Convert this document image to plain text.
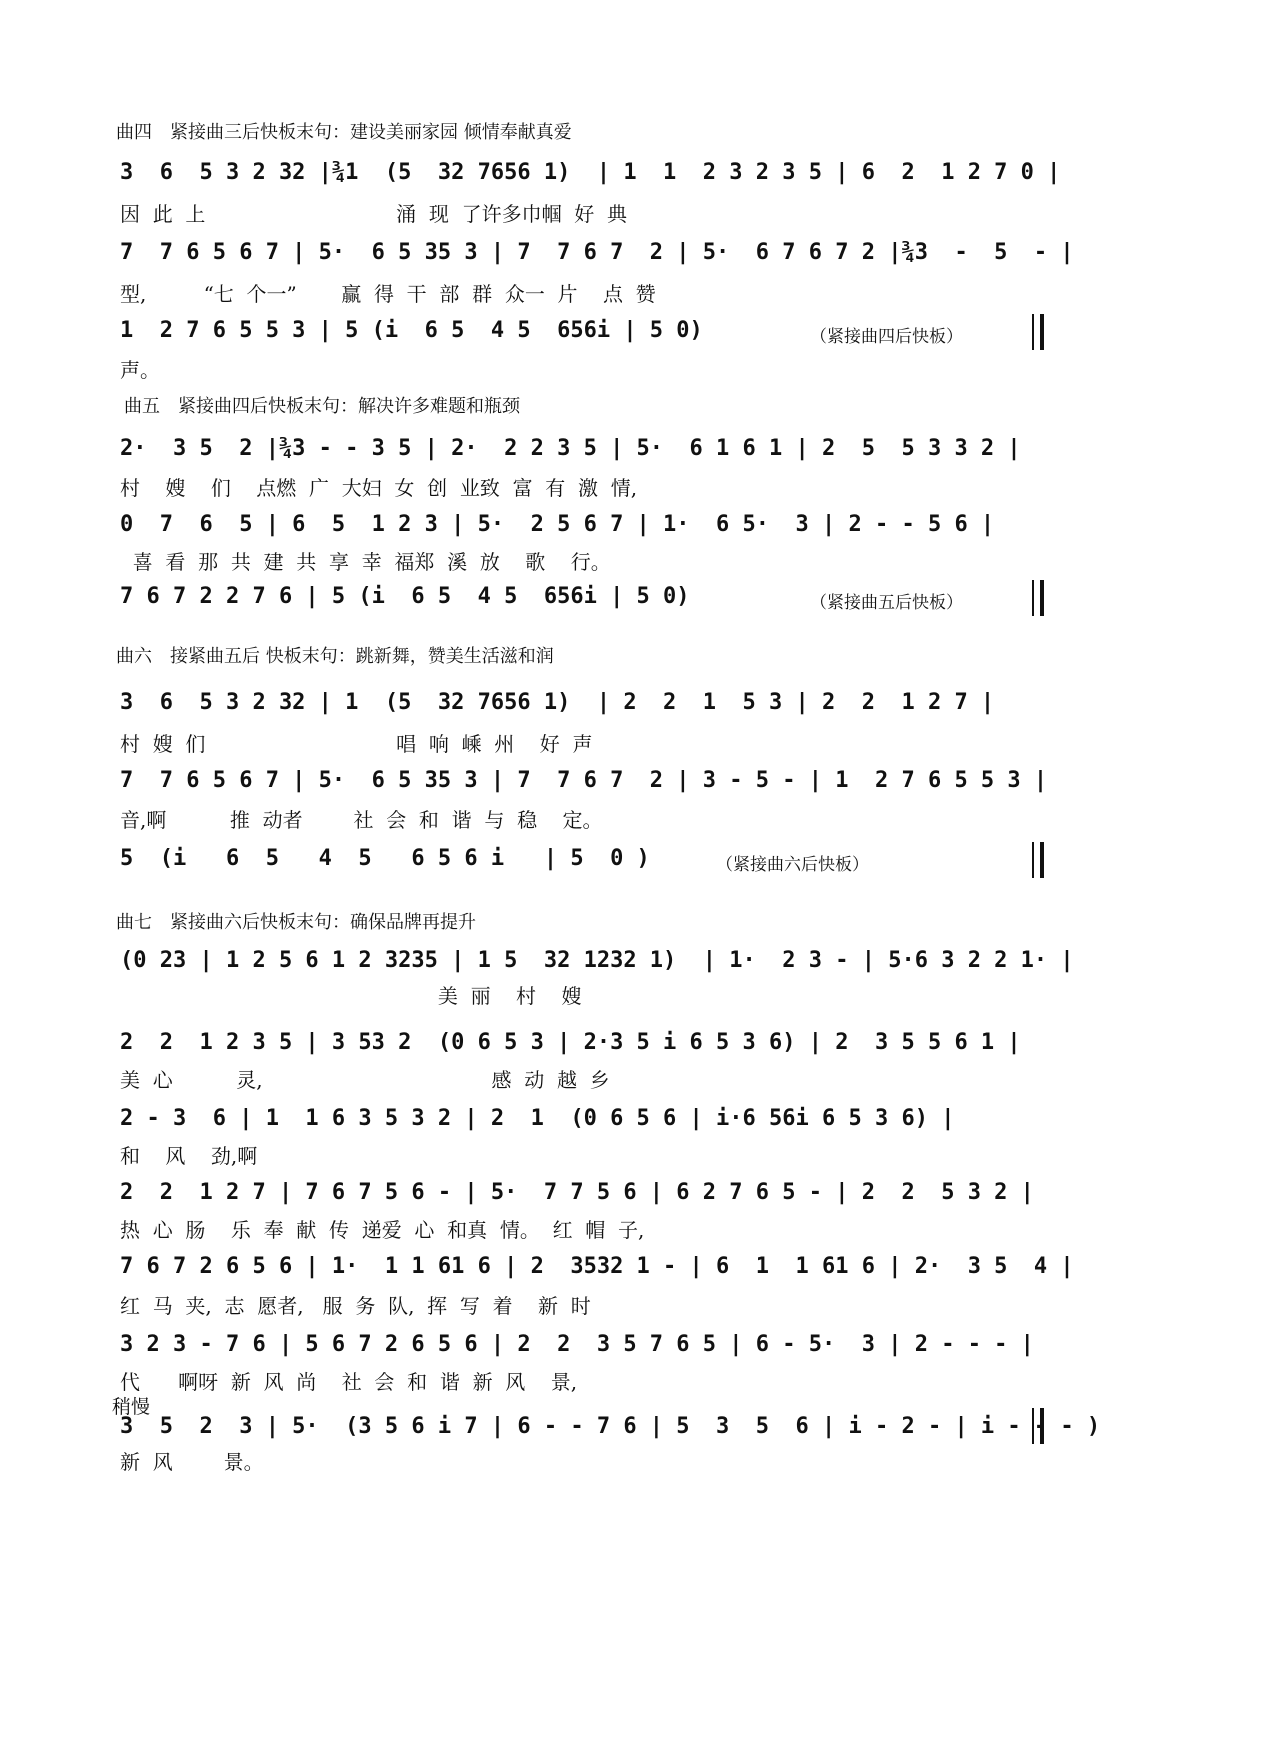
曲四　紧接曲三后快板末句：建设美丽家园 倾情奉献真爱
3  6  5 3 2 32 |¾1  (5  32 7656 1)  | 1  1  2 3 2 3 5 | 6  2  1 2 7 0 |
因  此  上                              涌  现  了许多巾帼  好  典
7  7 6 5 6 7 | 5·  6 5 35 3 | 7  7 6 7  2 | 5·  6 7 6 7 2 |¾3  -  5  - |
型,         “七  个一”       赢  得  干  部  群  众一  片    点  赞
1  2 7 6 5 5 3 | 5 (i  6 5  4 5  656i | 5 0)	（紧接曲四后快板）
声。
曲五　紧接曲四后快板末句：解决许多难题和瓶颈
2·  3 5  2 |¾3 - - 3 5 | 2·  2 2 3 5 | 5·  6 1 6 1 | 2  5  5 3 3 2 |
村    嫂    们    点燃  广  大妇  女  创  业致  富  有  激  情,
0  7  6  5 | 6  5  1 2 3 | 5·  2 5 6 7 | 1·  6 5·  3 | 2 - - 5 6 |
喜  看  那  共  建  共  享  幸  福郑  溪  放    歌    行。
7 6 7 2 2 7 6 | 5 (i  6 5  4 5  656i | 5 0)	（紧接曲五后快板）
曲六　接紧曲五后 快板末句：跳新舞，赞美生活滋和润
3  6  5 3 2 32 | 1  (5  32 7656 1)  | 2  2  1  5 3 | 2  2  1 2 7 |
村  嫂  们                              唱  响  嵊  州    好  声
7  7 6 5 6 7 | 5·  6 5 35 3 | 7  7 6 7  2 | 3 - 5 - | 1  2 7 6 5 5 3 |
音,啊          推  动者        社  会  和  谐  与  稳    定。
5  (i   6  5   4  5   6 5 6 i   | 5  0 )	（紧接曲六后快板）
曲七　紧接曲六后快板末句：确保品牌再提升
(0 23 | 1 2 5 6 1 2 3235 | 1 5  32 1232 1)  | 1·  2 3 - | 5·6 3 2 2 1· |
美  丽    村    嫂
2  2  1 2 3 5 | 3 53 2  (0 6 5 3 | 2·3 5 i 6 5 3 6) | 2  3 5 5 6 1 |
美  心          灵,                                    感  动  越  乡
2 - 3  6 | 1  1 6 3 5 3 2 | 2  1  (0 6 5 6 | i·6 56i 6 5 3 6) |
和    风    劲,啊
2  2  1 2 7 | 7 6 7 5 6 - | 5·  7 7 5 6 | 6 2 7 6 5 - | 2  2  5 3 2 |
热  心  肠    乐  奉  献  传  递爱  心  和真  情。  红  帽  子,
7 6 7 2 6 5 6 | 1·  1 1 61 6 | 2  3532 1 - | 6  1  1 61 6 | 2·  3 5  4 |
红  马  夹,  志  愿者,   服  务  队,  挥  写  着    新  时
3 2 3 - 7 6 | 5 6 7 2 6 5 6 | 2  2  3 5 7 6 5 | 6 - 5·  3 | 2 - - - |
代      啊呀  新  风  尚    社  会  和  谐  新  风    景,
稍慢
3  5  2  3 | 5·  (3 5 6 i 7 | 6 - - 7 6 | 5  3  5  6 | i - 2 - | i - - - )
新  风        景。
